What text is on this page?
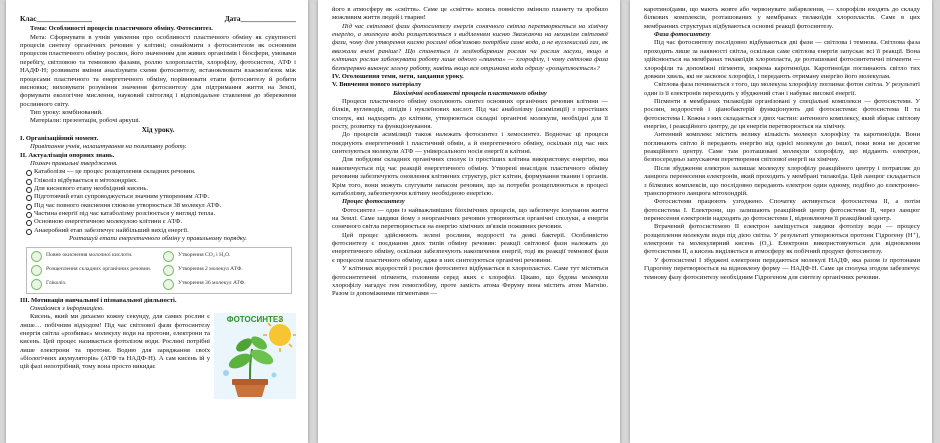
Клас_______________	Дата_______________

Тема: Особливості процесів пластичного обміну. Фотосинтез.

Мета: Сформувати в учнів уявлення про особливості пластичного обміну як сукупності процесів синтезу органічних речовин у клітині; ознайомити з фотосинтезом як основним процесом пластичного обміну рослин, його значенням для живих організмів і біосфери, умовами перебігу, світловою та темновою фазами, роллю хлоропластів, хлорофілу, фотосистем, АТФ і НАДФ·Н; розвивати вміння аналізувати схеми фотосинтезу, встановлювати взаємозв'язок між процесами пластичного та енергетичного обміну, порівнювати етапи фотосинтезу й робити висновки; виховувати розуміння значення фотосинтезу для підтримання життя на Землі, формувати екологічне мислення, науковий світогляд і відповідальне ставлення до збереження рослинного світу.

Тип уроку: комбінований.

Матеріали: презентація, робочі аркуші.

Хід уроку.

І. Організаційний момент.

Привітання учнів, налаштування на позитивну роботу.

ІІ. Актуалізація опорних знань.

Познач правильні твердження.

Катаболізм — це процес розщеплення складних речовин.
Гліколіз відбувається в мітохондріях.
Для кисневого етапу необхідний кисень.
Підготовчий етап супроводжується значним утворенням АТФ.
Під час повного окиснення глюкози утворюється 38 молекул АТФ.
Частина енергії під час катаболізму розсіюється у вигляді тепла.
Основною енергетичною молекулою клітини є АТФ.
Анаеробний етап забезпечує найбільший вихід енергії.

Розташуй етапи енергетичного обміну у правильному порядку.

Повне окиснення молочної кислоти.	Утворення CO₂ і H₂O.
Розщеплення складних органічних речовин.	Утворення 2 молекул АТФ.
Гліколіз.	Утворення 36 молекул АТФ.

ІІІ. Мотивація навчальної і пізнавальної діяльності.

Ознайомся з інформацією.

ФОТОСИНТЕЗ

Кисень, який ми дихаємо кожну секунду, для самих рослин є лише… побічним відходом! Під час світлової фази фотосинтезу енергія світла «розбиває» молекулу води на протони, електрони та кисень. Цей процес називається фотолізом води. Рослині потрібні лише електрони та протони. Водню для заряджання своїх «біологічних акумуляторів» (АТФ та НАДФ·Н). А сам кисень ій у цій фазі непотрібний, тому вона просто викидає

його в атмосферу як «сміття». Саме це «сміття» колись повністю змінило планету та зробило можливим життя людей і тварин!

Під час світлової фази фотосинтезу енергія сонячного світла перетворюється на хімічну енергію, а молекула води розщеплюється з виділенням кисню Зважаючи на механізм світлової фази, чому для утворення кисню рослині обов'язково потрібна саме вода, а не вуглекислий газ, як вважали вчені раніше? Що станеться із зелёнобарвним рослин чи рослин засухи, якщо в клітинах рослин заблокувати роботу лише одного «гвинта» — хлорофілу, і чому світлова фаза безперервно виконує зелену роботу, навіть якщо вся отримана вода одразу «розщеплюється»?

IV. Оголошення теми, мети, завдання уроку.

V. Вивчення нового матеріалу

Біохімічні особливості процесів пластичного обміну

Процеси пластичного обміну охоплюють синтез основних органічних речовин клітини — білків, вуглеводів, ліпідів і нуклеїнових кислот. Під час анаболізму (асиміляції) з простіших сполук, які надходять до клітини, утворюються складні органічні молекули, необхідні для її росту, розвитку та функціонування.

До процесів асиміляції також належать фотосинтез і хемосинтез. Водночас ці процеси поєднують енергетичний і пластичний обмін, а й енергетичного обміну, оскільки під час них синтезуються молекули АТФ — універсального носія енергії в клітині.

Для побудови складних органічних сполук із простіших клітина використовує енергію, яка накопичується під час реакцій енергетичного обміну. Утворені внаслідок пластичного обміну речовини забезпечують оновлення клітинних структур, ріст клітин, формування тканин і органів. Крім того, вони можуть слугувати запасом речовин, що за потреби розщеплюються в процесі катаболізму, забезпечуючи клітину необхідною енергією.

Процес фотосинтезу

Фотосинтез — один із найважливіших біохімічних процесів, що забезпечує існування життя на Землі. Саме завдяки йому з неорганічних речовин утворюються органічні сполуки, а енергія сонячного світла перетворюється на енергію хімічних зв'язків поживних речовин.

Цей процес здійснюють зелені рослини, водорості та деякі бактерії. Особливістю фотосинтезу є поєднання двох типів обміну речовин: реакції світлової фази належать до енергетичного обміну, оскільки забезпечують накопичення енергії, тоді як реакції темнової фази є процесом пластичного обміну, адже в них синтезуються органічні речовини.

У клітинах водоростей і рослин фотосинтез відбувається в хлоропластах. Саме тут містяться фотосинтетичні пігменти, головним серед яких є хлорофіл. Цікаво, що будова молекули хлорофілу нагадує гем гемоглобіну, проте замість атома Феруму вона містить атом Магнію. Разом із допоміжними пігментами —

каротиноїдами, що мають жовте або червонувате забарвлення, — хлорофіли входять до складу білкових комплексів, розташованих у мембранах тилакоїдів хлоропластів. Саме в цих мембранних структурах відбуваються основні реакції фотосинтезу.

Фаза фотосинтезу

Під час фотосинтезу послідовно відбуваються дві фази — світлова і темнова. Світлова фаза проходить лише за наявності світла, оскільки саме світлова енергія запускає всі її реакції. Вона здійснюється на мембранах тилакоїдів хлоропласта, де розташовані фотосинтетичні пігменти — хлорофіли та допоміжні пігменти, зокрема каротиноїди. Каротиноїди поглинають світло тих довжин хвиль, які не засвоює хлорофіл, і передають отриману енергію його молекулам.

Світлова фаза починається з того, що молекула хлорофілу поглинає фотон світла. У результаті один із її електронів переходить у збуджений стан і набуває високої енергії.

Пігменти в мембранах тилакоїдів організовані у спеціальні комплекси — фотосистеми. У рослин, водоростей і ціанобактерій функціонують дві фотосистеми: фотосистема II та фотосистема I. Кожна з них складається з двох частин: антенного комплексу, який збирає світлову енергію, і реакційного центру, де ця енергія перетворюється на хімічну.

Антенний комплекс містить велику кількість молекул хлорофілу та каротиноїдів. Вони поглинають світло й передають енергію від однієї молекули до іншої, поки вона не досягне реакційного центру. Саме там розташовані молекули хлорофілу, що віддають електрон, безпосередньо запускаючи перетворення світлової енергії на хімічну.

Після збудження електрон залишає молекулу хлорофілу реакційного центру і потрапляє до ланцюга перенесення електронів, який проходить у мембрані тилакоїда. Цей ланцюг складається з білкових комплексів, що послідовно передають електрон один одному, подібно до електронно-транспортного ланцюга мітохондрій.

Фотосистеми працюють узгоджено. Спочатку активується фотосистема II, а потім фотосистема I. Електрони, що залишають реакційний центр фотосистеми II, через ланцюг перенесення електронів надходять до фотосистеми I, відновлюючи її реакційний центр.

Втрачений фотосистемою II електрон заміщується завдяки фотолізу води — процесу розщеплення молекули води під дією світла. У результаті утворюються протони Гідрогену (H⁺), електрони та молекулярний кисень (O₂). Електрони використовуються для відновлення фотосистеми II, а кисень виділяється в атмосферу як побічний продукт фотосинтезу.

У фотосистемі I збуджені електрони передаються молекулі НАДФ, яка разом із протонами Гідрогену перетворюється на відновлену форму — НАДФ·Н. Саме ця сполука згодом забезпечує темнову фазу фотосинтезу необхідним Гідрогеном для синтезу органічних речовин.
